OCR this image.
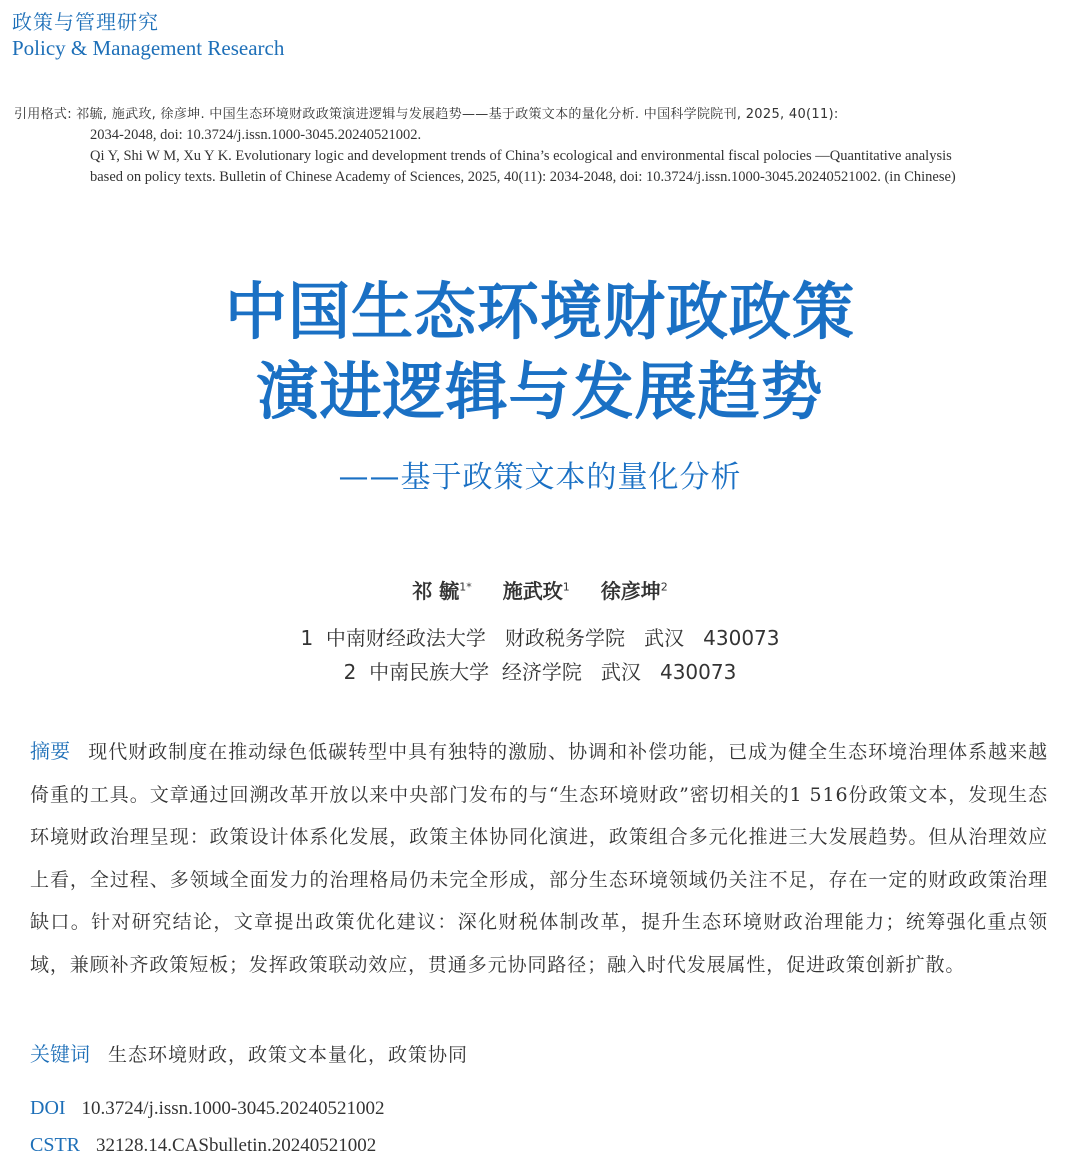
政策与管理研究
Policy & Management Research
引用格式: 祁毓, 施武玫, 徐彦坤. 中国生态环境财政政策演进逻辑与发展趋势——基于政策文本的量化分析. 中国科学院院刊, 2025, 40(11):
2034-2048, doi: 10.3724/j.issn.1000-3045.20240521002.
Qi Y, Shi W M, Xu Y K. Evolutionary logic and development trends of China’s ecological and environmental fiscal polocies —Quantitative analysis
based on policy texts. Bulletin of Chinese Academy of Sciences, 2025, 40(11): 2034-2048, doi: 10.3724/j.issn.1000-3045.20240521002. (in Chinese)
中国生态环境财政政策
演进逻辑与发展趋势
——基于政策文本的量化分析
祁 毓$^{1*}$ 施武玫$^1$ 徐彦坤$^2$
1  中南财经政法大学   财政税务学院   武汉   430073
2  中南民族大学  经济学院   武汉   430073
摘要 现代财政制度在推动绿色低碳转型中具有独特的激励、协调和补偿功能，已成为健全生态环境治理体系越来越倚重的工具。文章通过回溯改革开放以来中央部门发布的与“生态环境财政”密切相关的1 516份政策文本，发现生态环境财政治理呈现：政策设计体系化发展，政策主体协同化演进，政策组合多元化推进三大发展趋势。但从治理效应上看，全过程、多领域全面发力的治理格局仍未完全形成，部分生态环境领域仍关注不足，存在一定的财政政策治理缺口。针对研究结论，文章提出政策优化建议：深化财税体制改革，提升生态环境财政治理能力；统筹强化重点领域，兼顾补齐政策短板；发挥政策联动效应，贯通多元协同路径；融入时代发展属性，促进政策创新扩散。
关键词 生态环境财政，政策文本量化，政策协同
DOI 10.3724/j.issn.1000-3045.20240521002
CSTR 32128.14.CASbulletin.20240521002
